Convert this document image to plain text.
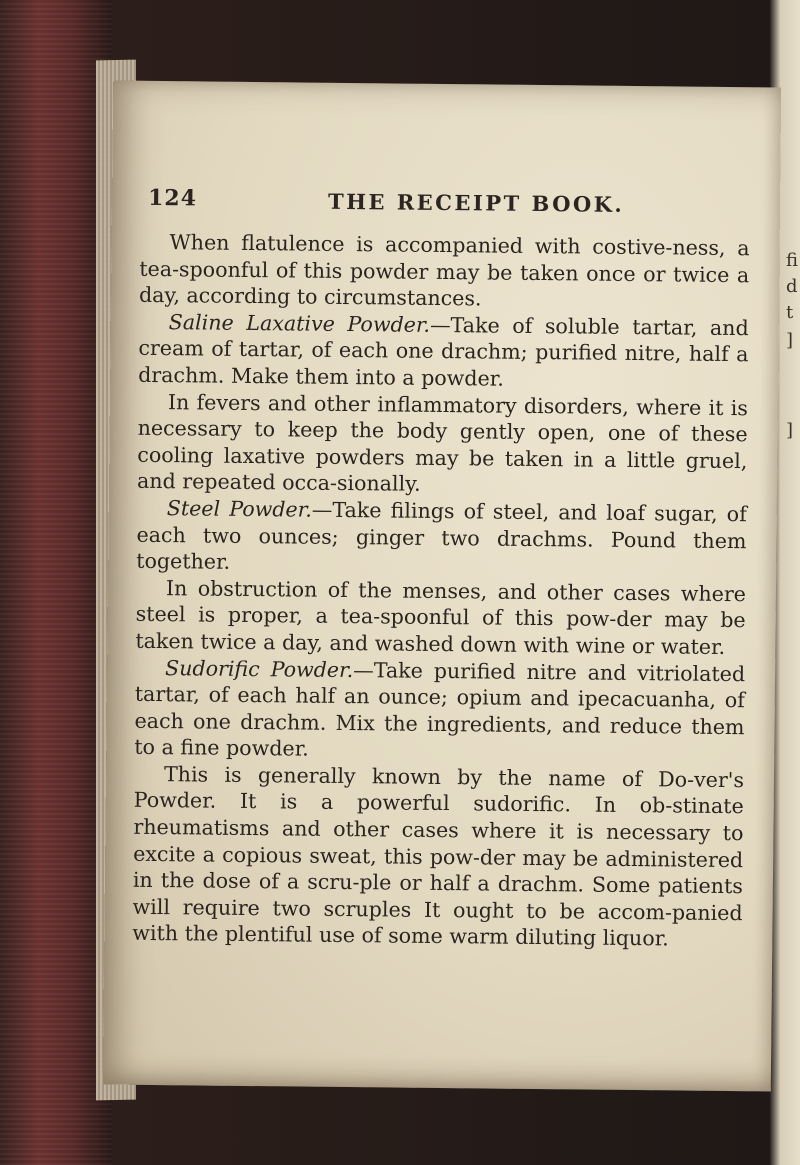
fi
d
t
]
]
124	THE RECEIPT BOOK.

When flatulence is accompanied with costive-ness, a tea-spoonful of this powder may be taken once or twice a day, according to circumstances.

Saline Laxative Powder.—Take of soluble tartar, and cream of tartar, of each one drachm; purified nitre, half a drachm. Make them into a powder.

In fevers and other inflammatory disorders, where it is necessary to keep the body gently open, one of these cooling laxative powders may be taken in a little gruel, and repeated occa-sionally.

Steel Powder.—Take filings of steel, and loaf sugar, of each two ounces; ginger two drachms. Pound them together.

In obstruction of the menses, and other cases where steel is proper, a tea-spoonful of this pow-der may be taken twice a day, and washed down with wine or water.

Sudorific Powder.—Take purified nitre and vitriolated tartar, of each half an ounce; opium and ipecacuanha, of each one drachm. Mix the ingredients, and reduce them to a fine powder.

This is generally known by the name of Do-ver's Powder. It is a powerful sudorific. In ob-stinate rheumatisms and other cases where it is necessary to excite a copious sweat, this pow-der may be administered in the dose of a scru-ple or half a drachm. Some patients will require two scruples It ought to be accom-panied with the plentiful use of some warm diluting liquor.
